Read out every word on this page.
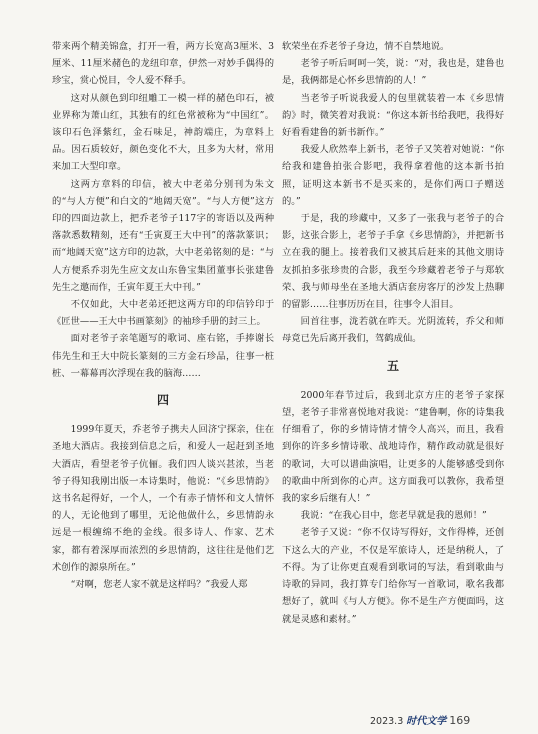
带来两个精美锦盒，打开一看，两方长宽高3厘米、3厘米、11厘米赭色的龙纽印章，伊然一对妙手偶得的珍宝，赏心悦目，令人爱不释手。

这对从颜色到印纽雕工一模一样的赭色印石，被业界称为萧山红，其独有的红色常被称为“中国红”。该印石色泽紫红，金石味足，神韵端庄，为章料上品。因石质较好，颜色变化不大，且多为大材，常用来加工大型印章。

这两方章料的印信，被大中老弟分别刊为朱文的“与人方便”和白文的“地阔天宽”。“与人方便”这方印的四面边款上，把乔老爷子117字的寄语以及两种落款悉数精刻，还有“壬寅夏王大中刊”的落款篆识；而“地阔天宽”这方印的边款，大中老弟铭刻的是：“与人方便系乔羽先生应文友山东鲁宝集团董事长张建鲁先生之邀而作，壬寅年夏王大中刊。”

不仅如此，大中老弟还把这两方印的印信钤印于《匠世——王大中书画篆刻》的袖珍手册的封三上。

面对老爷子亲笔题写的歌词、座右铭，手捧谢长伟先生和王大中院长篆刻的三方金石珍品，往事一桩桩、一幕幕再次浮现在我的脑海……

四

1999年夏天，乔老爷子携夫人回济宁探亲，住在圣地大酒店。我接到信息之后，和爱人一起赶到圣地大酒店，看望老爷子伉俪。我们四人谈兴甚浓，当老爷子得知我刚出版一本诗集时，他说：“《乡思情韵》这书名起得好，一个人，一个有赤子情怀和文人情怀的人，无论他到了哪里，无论他做什么，乡思情韵永远是一根缠绵不绝的金线。很多诗人、作家、艺术家，都有着深厚而浓烈的乡思情韵，这往往是他们艺术创作的源泉所在。”

“对啊，您老人家不就是这样吗？”我爱人郑

软荣坐在乔老爷子身边，情不自禁地说。

老爷子听后呵呵一笑，说：“对，我也是，建鲁也是，我俩都是心怀乡思情韵的人！”

当老爷子听说我爱人的包里就装着一本《乡思情韵》时，微笑着对我说：“你这本新书给我吧，我得好好看看建鲁的新书新作。”

我爱人欣然奉上新书，老爷子又笑着对她说：“你给我和建鲁拍张合影吧，我得拿着他的这本新书拍照，证明这本新书不是买来的，是你们两口子赠送的。”

于是，我的珍藏中，又多了一张我与老爷子的合影，这张合影上，老爷子手拿《乡思情韵》，并把新书立在我的腿上。接着我们又被其后赶来的其他文朋诗友抓拍多张珍贵的合影，我至今珍藏着老爷子与郑软荣、我与师母坐在圣地大酒店套房客厅的沙发上热聊的留影……往事历历在目，往事令人泪目。

回首往事，泷若就在昨天。光阴流转，乔父和师母竟已先后离开我们，驾鹤成仙。

五

2000年春节过后，我到北京方庄的老爷子家探望，老爷子非常喜悦地对我说：“建鲁啊，你的诗集我仔细看了，你的乡情诗情才情令人高兴，而且，我看到你的许多乡情诗歌、战地诗作，精作政动就是很好的歌词，大可以谱曲演唱，让更多的人能够感受到你的歌曲中所到你的心声。这方面我可以教你，我希望我的家乡后继有人！”

我说：“在我心目中，您老早就是我的恩师！”

老爷子又说：“你不仅诗写得好，文作得棒，还创下这么大的产业，不仅是军旅诗人，还是纳税人，了不得。为了让你更直观看到歌词的写法，看到歌曲与诗歌的异同，我打算专门给你写一首歌词，歌名我都想好了，就叫《与人方便》。你不是生产方便面吗，这就是灵感和素材。”

2023.3 时代文学 169
